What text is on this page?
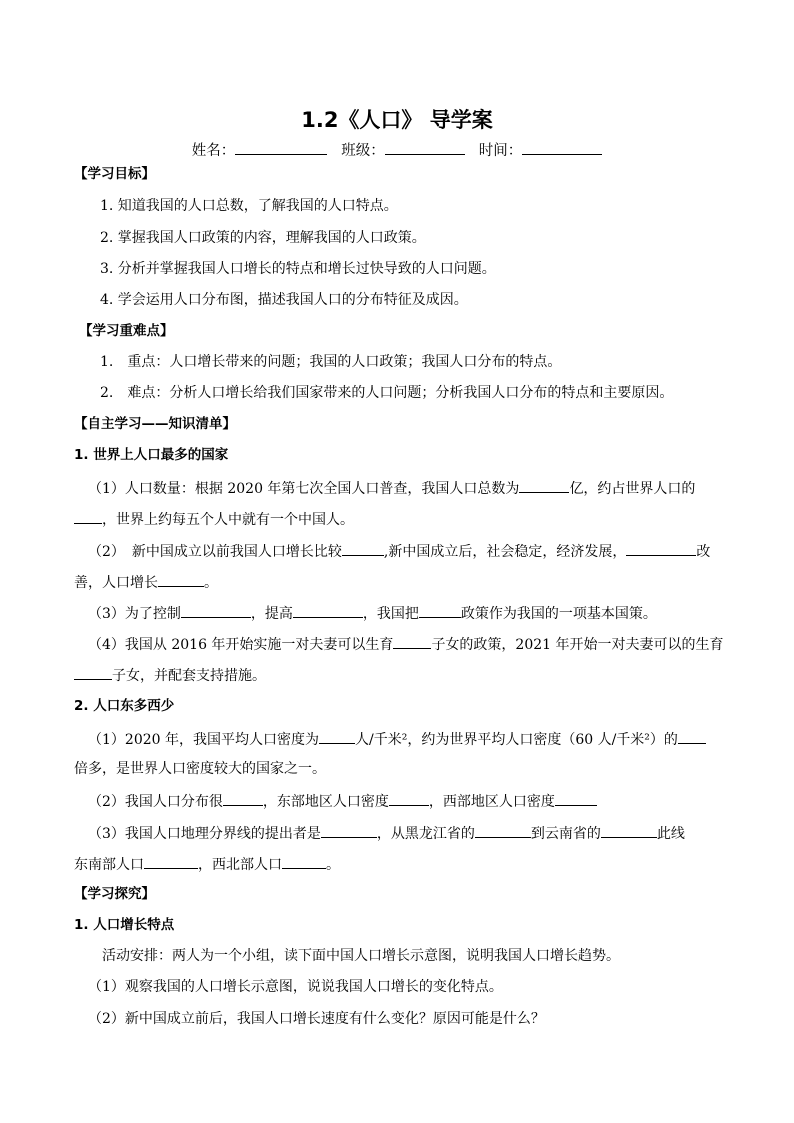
1.2《人口》 导学案
姓名：	班级：	时间：
【学习目标】
1. 知道我国的人口总数，了解我国的人口特点。
2. 掌握我国人口政策的内容，理解我国的人口政策。
3. 分析并掌握我国人口增长的特点和增长过快导致的人口问题。
4. 学会运用人口分布图，描述我国人口的分布特征及成因。
【学习重难点】
1.　重点：人口增长带来的问题；我国的人口政策；我国人口分布的特点。
2.　难点：分析人口增长给我们国家带来的人口问题；分析我国人口分布的特点和主要原因。
【自主学习——知识清单】
1. 世界上人口最多的国家
（1）人口数量：根据 2020 年第七次全国人口普查，我国人口总数为	亿，约占世界人口的
，世界上约每五个人中就有一个中国人。
（2）　新中国成立以前我国人口增长比较	,新中国成立后，社会稳定，经济发展，	改
善，人口增长	。
（3）为了控制	，提高	，我国把	政策作为我国的一项基本国策。
（4）我国从 2016 年开始实施一对夫妻可以生育	子女的政策，2021 年开始一对夫妻可以的生育
子女，并配套支持措施。
2. 人口东多西少
（1）2020 年，我国平均人口密度为	人/千米²，约为世界平均人口密度（60 人/千米²）的
倍多，是世界人口密度较大的国家之一。
（2）我国人口分布很	，东部地区人口密度	，西部地区人口密度
（3）我国人口地理分界线的提出者是	，从黑龙江省的	到云南省的	此线
东南部人口	，西北部人口	。
【学习探究】
1. 人口增长特点
活动安排：两人为一个小组，读下面中国人口增长示意图，说明我国人口增长趋势。
（1）观察我国的人口增长示意图，说说我国人口增长的变化特点。
（2）新中国成立前后，我国人口增长速度有什么变化？原因可能是什么？
